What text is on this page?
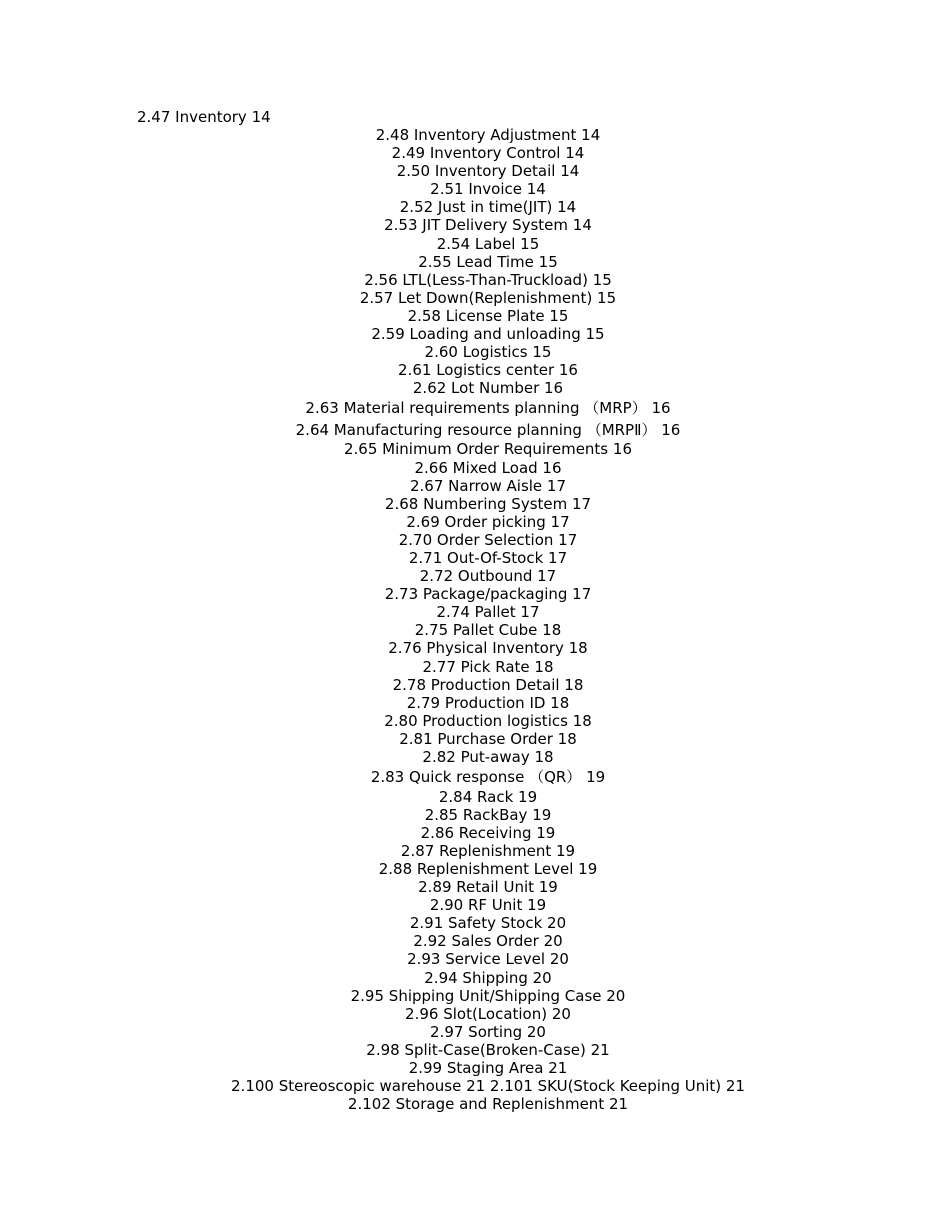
2.47 Inventory 14
2.48 Inventory Adjustment 14
2.49 Inventory Control 14
2.50 Inventory Detail 14
2.51 Invoice 14
2.52 Just in time(JIT) 14
2.53 JIT Delivery System 14
2.54 Label 15
2.55 Lead Time 15
2.56 LTL(Less-Than-Truckload) 15
2.57 Let Down(Replenishment) 15
2.58 License Plate 15
2.59 Loading and unloading 15
2.60 Logistics 15
2.61 Logistics center 16
2.62 Lot Number 16
2.63 Material requirements planning （MRP） 16
2.64 Manufacturing resource planning （MRPⅡ） 16
2.65 Minimum Order Requirements 16
2.66 Mixed Load 16
2.67 Narrow Aisle 17
2.68 Numbering System 17
2.69 Order picking 17
2.70 Order Selection 17
2.71 Out-Of-Stock 17
2.72 Outbound 17
2.73 Package/packaging 17
2.74 Pallet 17
2.75 Pallet Cube 18
2.76 Physical Inventory 18
2.77 Pick Rate 18
2.78 Production Detail 18
2.79 Production ID 18
2.80 Production logistics 18
2.81 Purchase Order 18
2.82 Put-away 18
2.83 Quick response （QR） 19
2.84 Rack 19
2.85 RackBay 19
2.86 Receiving 19
2.87 Replenishment 19
2.88 Replenishment Level 19
2.89 Retail Unit 19
2.90 RF Unit 19
2.91 Safety Stock 20
2.92 Sales Order 20
2.93 Service Level 20
2.94 Shipping 20
2.95 Shipping Unit/Shipping Case 20
2.96 Slot(Location) 20
2.97 Sorting 20
2.98 Split-Case(Broken-Case) 21
2.99 Staging Area 21
2.100 Stereoscopic warehouse 21 2.101 SKU(Stock Keeping Unit) 21
2.102 Storage and Replenishment 21
